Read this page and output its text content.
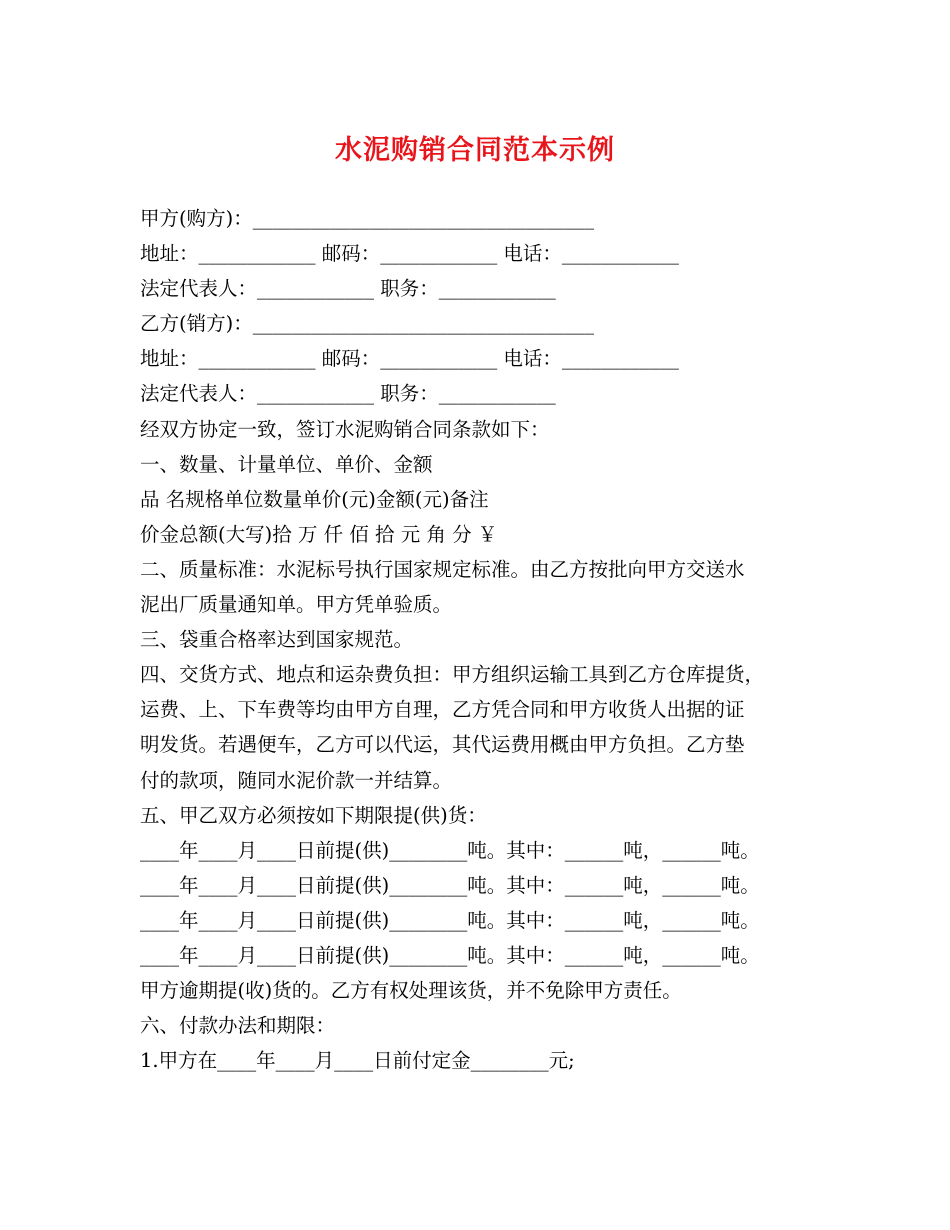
水泥购销合同范本示例
甲方(购方)：___________________________________
地址：____________ 邮码：____________ 电话：____________
法定代表人：____________ 职务：____________
乙方(销方)：___________________________________
地址：____________ 邮码：____________ 电话：____________
法定代表人：____________ 职务：____________
经双方协定一致，签订水泥购销合同条款如下：
一、数量、计量单位、单价、金额
品 名规格单位数量单价(元)金额(元)备注
价金总额(大写)拾 万 仟 佰 拾 元 角 分 ￥
二、质量标准：水泥标号执行国家规定标准。由乙方按批向甲方交送水
泥出厂质量通知单。甲方凭单验质。
三、袋重合格率达到国家规范。
四、交货方式、地点和运杂费负担：甲方组织运输工具到乙方仓库提货，
运费、上、下车费等均由甲方自理，乙方凭合同和甲方收货人出据的证
明发货。若遇便车，乙方可以代运，其代运费用概由甲方负担。乙方垫
付的款项，随同水泥价款一并结算。
五、甲乙双方必须按如下期限提(供)货：
____年____月____日前提(供)________吨。其中：______吨，______吨。
____年____月____日前提(供)________吨。其中：______吨，______吨。
____年____月____日前提(供)________吨。其中：______吨，______吨。
____年____月____日前提(供)________吨。其中：______吨，______吨。
甲方逾期提(收)货的。乙方有权处理该货，并不免除甲方责任。
六、付款办法和期限：
1.甲方在____年____月____日前付定金________元;
